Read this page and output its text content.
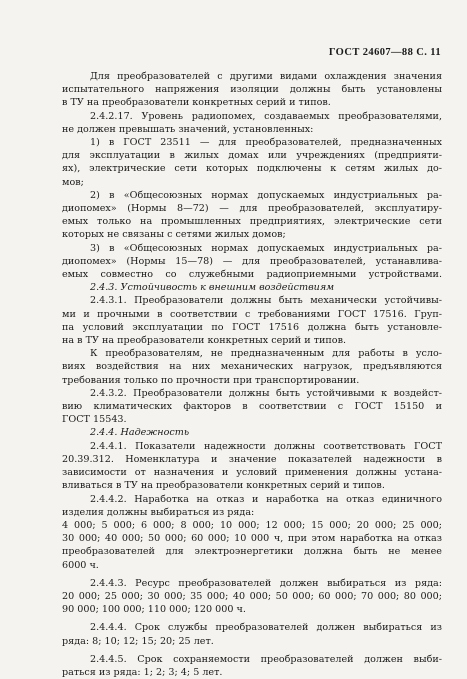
ГОСТ 24607—88 С. 11
Для преобразователей с другими видами охлаждения значения
испытательного напряжения изоляции должны быть установлены
в ТУ на преобразователи конкретных серий и типов.
2.4.2.17. Уровень радиопомех, создаваемых преобразователями,
не должен превышать значений, установленных:
1) в ГОСТ 23511 — для преобразователей, предназначенных
для эксплуатации в жилых домах или учреждениях (предприяти-
ях), электрические сети которых подключены к сетям жилых до-
мов;
2) в «Общесоюзных нормах допускаемых индустриальных ра-
диопомех» (Нормы 8—72) — для преобразователей, эксплуатиру-
емых только на промышленных предприятиях, электрические сети
которых не связаны с сетями жилых домов;
3) в «Общесоюзных нормах допускаемых индустриальных ра-
диопомех» (Нормы 15—78) — для преобразователей, устанавлива-
емых совместно со служебными радиоприемными устройствами.
2.4.3. Устойчивость к внешним воздействиям
2.4.3.1. Преобразователи должны быть механически устойчивы-
ми и прочными в соответствии с требованиями ГОСТ 17516. Груп-
па условий эксплуатации по ГОСТ 17516 должна быть установле-
на в ТУ на преобразователи конкретных серий и типов.
К преобразователям, не предназначенным для работы в усло-
виях воздействия на них механических нагрузок, предъявляются
требования только по прочности при транспортировании.
2.4.3.2. Преобразователи должны быть устойчивыми к воздейст-
вию климатических факторов в соответствии с ГОСТ 15150 и
ГОСТ 15543.
2.4.4. Надежность
2.4.4.1. Показатели надежности должны соответствовать ГОСТ
20.39.312. Номенклатура и значение показателей надежности в
зависимости от назначения и условий применения должны устана-
вливаться в ТУ на преобразователи конкретных серий и типов.
2.4.4.2. Наработка на отказ и наработка на отказ единичного
изделия должны выбираться из ряда:
4 000; 5 000; 6 000; 8 000; 10 000; 12 000; 15 000; 20 000; 25 000;
30 000; 40 000; 50 000; 60 000; 10 000 ч, при этом наработка на отказ
преобразователей для электроэнергетики должна быть не менее
6000 ч.
2.4.4.3. Ресурс преобразователей должен выбираться из ряда:
20 000; 25 000; 30 000; 35 000; 40 000; 50 000; 60 000; 70 000; 80 000;
90 000; 100 000; 110 000; 120 000 ч.
2.4.4.4. Срок службы преобразователей должен выбираться из
ряда: 8; 10; 12; 15; 20; 25 лет.
2.4.4.5. Срок сохраняемости преобразователей должен выби-
раться из ряда: 1; 2; 3; 4; 5 лет.
